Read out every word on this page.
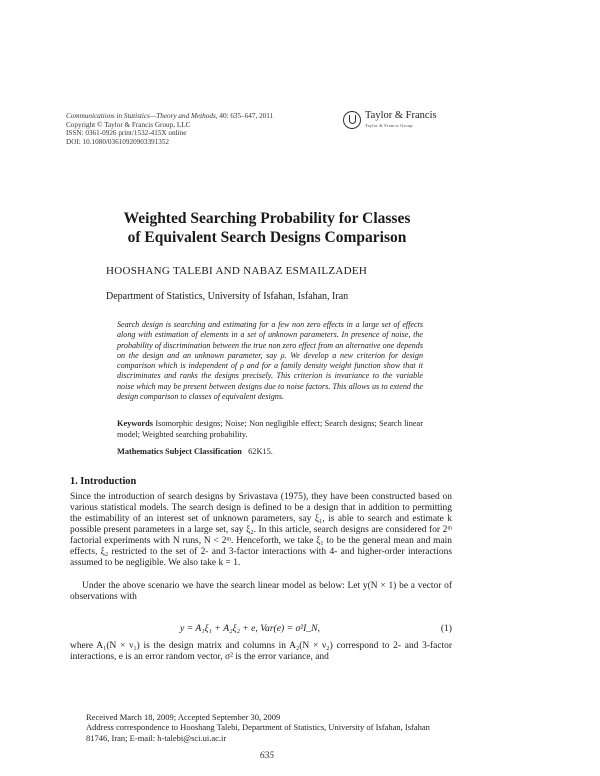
Communications in Statistics—Theory and Methods, 40: 635–647, 2011
Copyright © Taylor & Francis Group, LLC
ISSN: 0361-0926 print/1532-415X online
DOI: 10.1080/03610920903391352
Taylor & Francis
Taylor & Francis Group
Weighted Searching Probability for Classes
of Equivalent Search Designs Comparison
HOOSHANG TALEBI AND NABAZ ESMAILZADEH
Department of Statistics, University of Isfahan, Isfahan, Iran
Search design is searching and estimating for a few non zero effects in a large set of effects along with estimation of elements in a set of unknown parameters. In presence of noise, the probability of discrimination between the true non zero effect from an alternative one depends on the design and an unknown parameter, say ρ. We develop a new criterion for design comparison which is independent of ρ and for a family density weight function show that it discriminates and ranks the designs precisely. This criterion is invariance to the variable noise which may be present between designs due to noise factors. This allows us to extend the design comparison to classes of equivalent designs.
Keywords Isomorphic designs; Noise; Non negligible effect; Search designs; Search linear model; Weighted searching probability.
Mathematics Subject Classification 62K15.
1. Introduction
Since the introduction of search designs by Srivastava (1975), they have been constructed based on various statistical models. The search design is defined to be a design that in addition to permitting the estimability of an interest set of unknown parameters, say ξ₁, is able to search and estimate k possible present parameters in a large set, say ξ₂. In this article, search designs are considered for 2ᵐ factorial experiments with N runs, N < 2ᵐ. Henceforth, we take ξ₁ to be the general mean and main effects, ξ₂ restricted to the set of 2- and 3-factor interactions with 4- and higher-order interactions assumed to be negligible. We also take k = 1.
Under the above scenario we have the search linear model as below: Let y(N × 1) be a vector of observations with
y = A₁ξ₁ + A₂ξ₂ + e, Var(e) = σ²I_N,	(1)
where A₁(N × ν₁) is the design matrix and columns in A₂(N × ν₂) correspond to 2- and 3-factor interactions, e is an error random vector, σ² is the error variance, and
Received March 18, 2009; Accepted September 30, 2009
Address correspondence to Hooshang Talebi, Department of Statistics, University of Isfahan, Isfahan 81746, Iran; E-mail: h-talebi@sci.ui.ac.ir
635
